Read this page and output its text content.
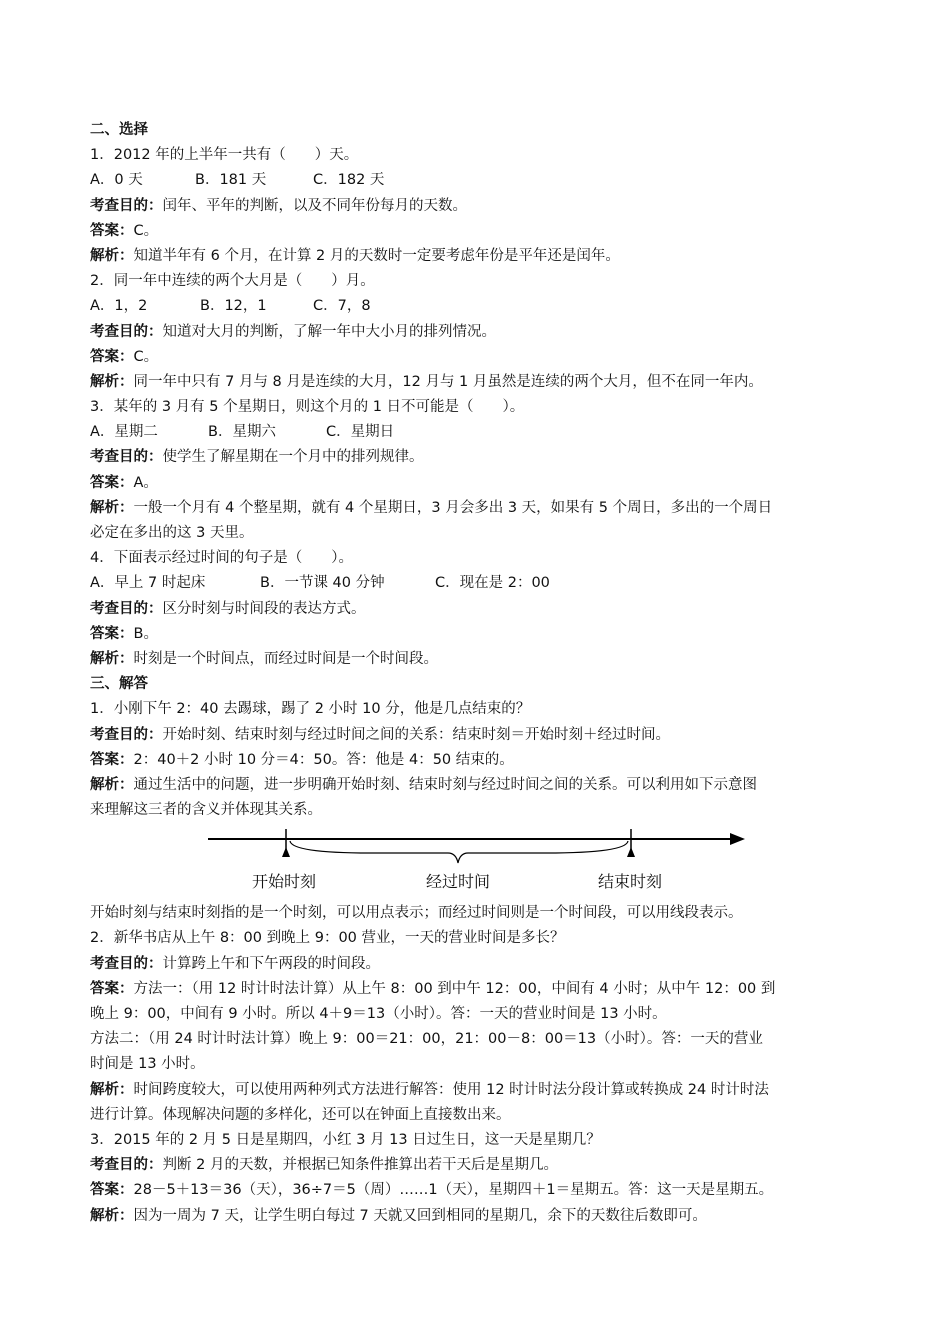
二、选择
1．2012 年的上半年一共有（　　）天。
A．0 天	B．181 天	C．182 天
考查目的：闰年、平年的判断，以及不同年份每月的天数。
答案：C。
解析：知道半年有 6 个月，在计算 2 月的天数时一定要考虑年份是平年还是闰年。
2．同一年中连续的两个大月是（　　）月。
A．1，2	B．12，1	C．7，8
考查目的：知道对大月的判断，了解一年中大小月的排列情况。
答案：C。
解析：同一年中只有 7 月与 8 月是连续的大月，12 月与 1 月虽然是连续的两个大月，但不在同一年内。
3．某年的 3 月有 5 个星期日，则这个月的 1 日不可能是（　　）。
A．星期二	B．星期六	C．星期日
考查目的：使学生了解星期在一个月中的排列规律。
答案：A。
解析：一般一个月有 4 个整星期，就有 4 个星期日，3 月会多出 3 天，如果有 5 个周日，多出的一个周日
必定在多出的这 3 天里。
4．下面表示经过时间的句子是（　　）。
A．早上 7 时起床	B．一节课 40 分钟	C．现在是 2：00
考查目的：区分时刻与时间段的表达方式。
答案：B。
解析：时刻是一个时间点，而经过时间是一个时间段。
三、解答
1．小刚下午 2：40 去踢球，踢了 2 小时 10 分，他是几点结束的？
考查目的：开始时刻、结束时刻与经过时间之间的关系：结束时刻＝开始时刻＋经过时间。
答案：2：40＋2 小时 10 分＝4：50。答：他是 4：50 结束的。
解析：通过生活中的问题，进一步明确开始时刻、结束时刻与经过时间之间的关系。可以利用如下示意图
来理解这三者的含义并体现其关系。
开始时刻	经过时间	结束时刻
开始时刻与结束时刻指的是一个时刻，可以用点表示；而经过时间则是一个时间段，可以用线段表示。
2．新华书店从上午 8：00 到晚上 9：00 营业，一天的营业时间是多长？
考查目的：计算跨上午和下午两段的时间段。
答案：方法一：（用 12 时计时法计算）从上午 8：00 到中午 12：00，中间有 4 小时；从中午 12：00 到
晚上 9：00，中间有 9 小时。所以 4＋9＝13（小时）。答：一天的营业时间是 13 小时。
方法二：（用 24 时计时法计算）晚上 9：00＝21：00，21：00－8：00＝13（小时）。答：一天的营业
时间是 13 小时。
解析：时间跨度较大，可以使用两种列式方法进行解答：使用 12 时计时法分段计算或转换成 24 时计时法
进行计算。体现解决问题的多样化，还可以在钟面上直接数出来。
3．2015 年的 2 月 5 日是星期四，小红 3 月 13 日过生日，这一天是星期几？
考查目的：判断 2 月的天数，并根据已知条件推算出若干天后是星期几。
答案：28－5＋13＝36（天），36÷7＝5（周）……1（天），星期四＋1＝星期五。答：这一天是星期五。
解析：因为一周为 7 天，让学生明白每过 7 天就又回到相同的星期几，余下的天数往后数即可。
